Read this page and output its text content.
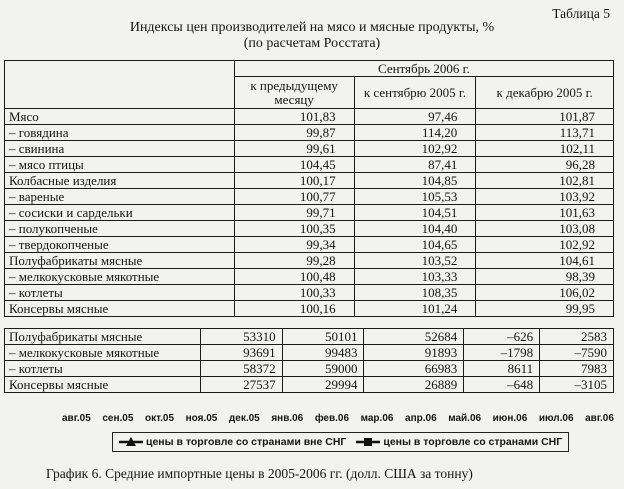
Таблица 5
Индексы цен производителей на мясо и мясные продукты, %
(по расчетам Росстата)
	Сентябрь 2006 г.		
	к предыдущему месяцу	к сентябрю 2005 г.	к декабрю 2005 г.
Мясо	101,83	97,46	101,87
– говядина	99,87	114,20	113,71
– свинина	99,61	102,92	102,11
– мясо птицы	104,45	87,41	96,28
Колбасные изделия	100,17	104,85	102,81
– вареные	100,77	105,53	103,92
– сосиски и сардельки	99,71	104,51	101,63
– полукопченые	100,35	104,40	103,08
– твердокопченые	99,34	104,65	102,92
Полуфабрикаты мясные	99,28	103,52	104,61
– мелкокусковые мякотные	100,48	103,33	98,39
– котлеты	100,33	108,35	106,02
Консервы мясные	100,16	101,24	99,95
Полуфабрикаты мясные	53310	50101	52684	–626	2583
– мелкокусковые мякотные	93691	99483	91893	–1798	–7590
– котлеты	58372	59000	66983	8611	7983
Консервы мясные	27537	29994	26889	–648	–3105
авг.05 сен.05 окт.05 ноя.05 дек.05 янв.06 фев.06 мар.06 апр.06 май.06 июн.06 июл.06 авг.06
цены в торговле со странами вне СНГ	цены в торговле со странами СНГ
График 6. Средние импортные цены в 2005-2006 гг. (долл. США за тонну)
